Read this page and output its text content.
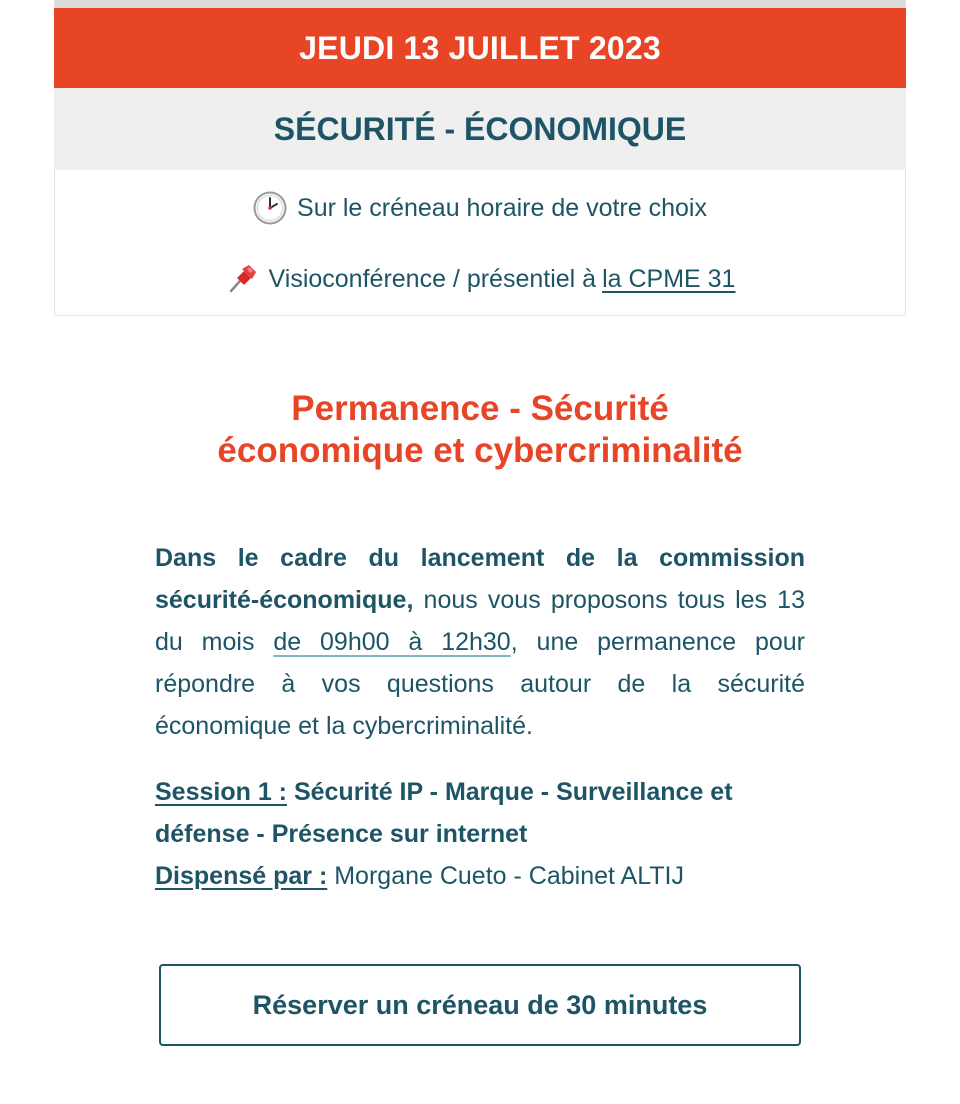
JEUDI 13 JUILLET 2023
SÉCURITÉ - ÉCONOMIQUE
Sur le créneau horaire de votre choix
Visioconférence / présentiel à la CPME 31
Permanence - Sécurité
économique et cybercriminalité
Dans le cadre du lancement de la commission sécurité-économique, nous vous proposons tous les 13 du mois de 09h00 à 12h30, une permanence pour répondre à vos questions autour de la sécurité économique et la cybercriminalité.
Session 1 : Sécurité IP - Marque - Surveillance et défense - Présence sur internet
Dispensé par : Morgane Cueto - Cabinet ALTIJ
Réserver un créneau de 30 minutes
